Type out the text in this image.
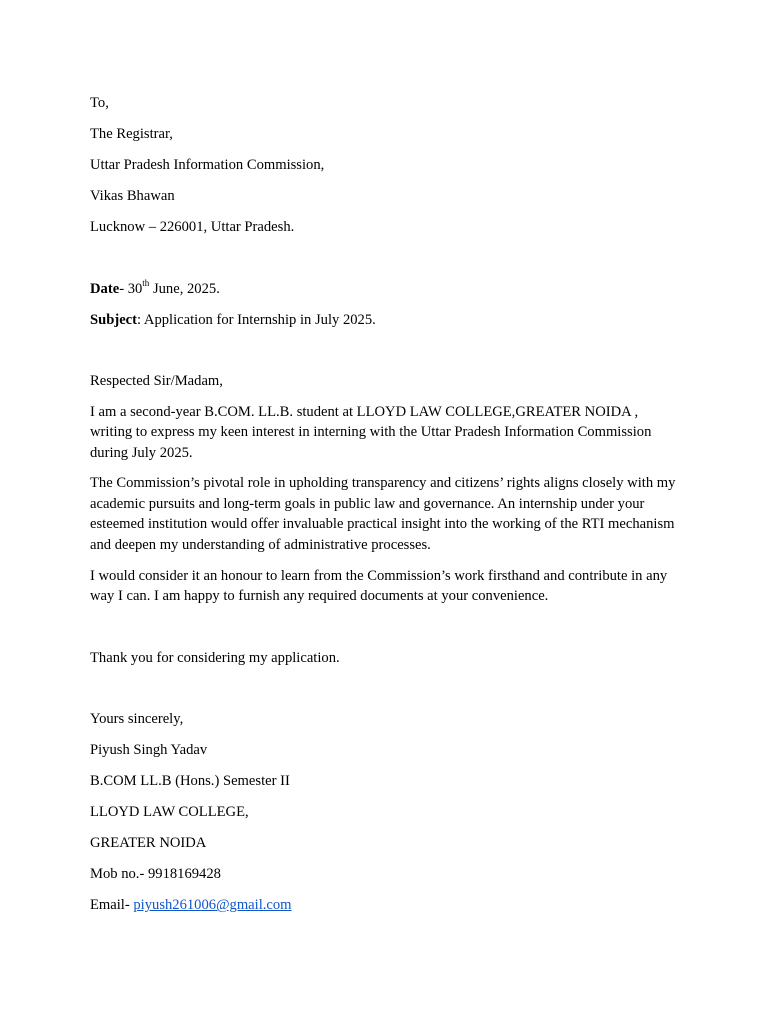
To,

The Registrar,

Uttar Pradesh Information Commission,

Vikas Bhawan

Lucknow – 226001, Uttar Pradesh.

Date- 30th June, 2025.

Subject: Application for Internship in July 2025.

Respected Sir/Madam,

I am a second-year B.COM. LL.B. student at LLOYD LAW COLLEGE,GREATER NOIDA , writing to express my keen interest in interning with the Uttar Pradesh Information Commission during July 2025.

The Commission’s pivotal role in upholding transparency and citizens’ rights aligns closely with my academic pursuits and long-term goals in public law and governance. An internship under your esteemed institution would offer invaluable practical insight into the working of the RTI mechanism and deepen my understanding of administrative processes.

I would consider it an honour to learn from the Commission’s work firsthand and contribute in any way I can. I am happy to furnish any required documents at your convenience.

Thank you for considering my application.

Yours sincerely,

Piyush Singh Yadav

B.COM LL.B (Hons.) Semester II

LLOYD LAW COLLEGE,

GREATER NOIDA

Mob no.- 9918169428

Email- piyush261006@gmail.com
